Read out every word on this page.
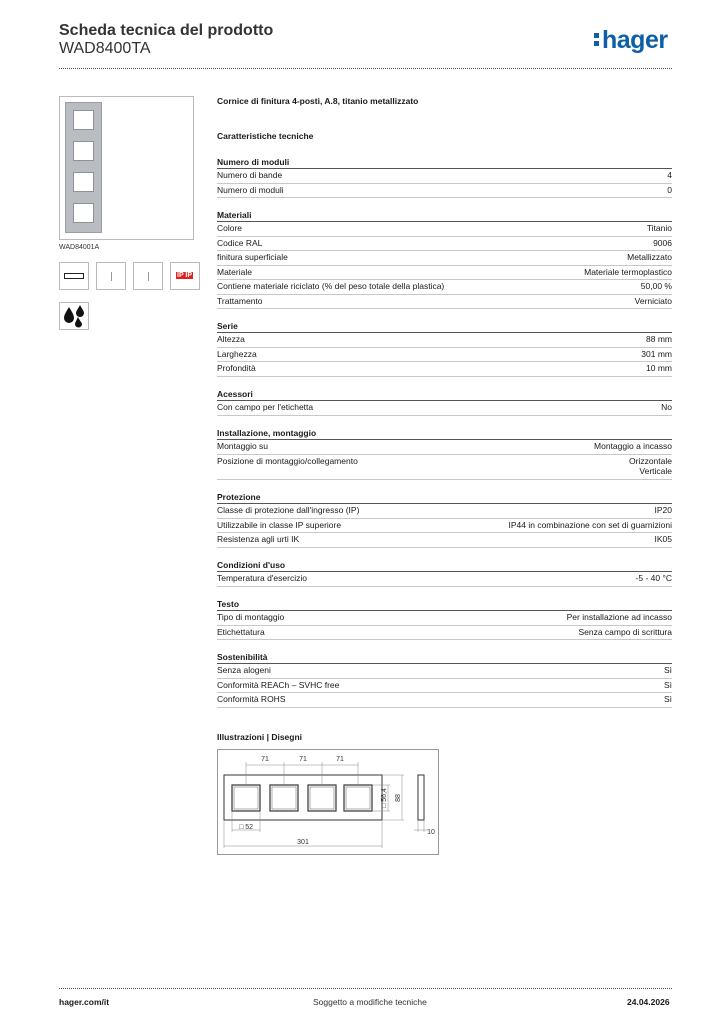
Scheda tecnica del prodotto
WAD8400TA	hager
WAD84001A
IP IP
Cornice di finitura 4-posti, A.8, titanio metallizzato
Caratteristiche tecniche
Numero di moduli
Numero di bande	4
Numero di moduli	0
Materiali
Colore	Titanio
Codice RAL	9006
finitura superficiale	Metallizzato
Materiale	Materiale termoplastico
Contiene materiale riciclato (% del peso totale della plastica)	50,00 %
Trattamento	Verniciato
Serie
Altezza	88 mm
Larghezza	301 mm
Profondità	10 mm
Acessori
Con campo per l'etichetta	No
Installazione, montaggio
Montaggio su	Montaggio a incasso
Posizione di montaggio/collegamento	Orizzontale
Verticale
Protezione
Classe di protezione dall'ingresso (IP)	IP20
Utilizzabile in classe IP superiore	IP44 in combinazione con set di guarnizioni
Resistenza agli urti IK	IK05
Condizioni d'uso
Temperatura d'esercizio	-5 - 40 °C
Testo
Tipo di montaggio	Per installazione ad incasso
Etichettatura	Senza campo di scrittura
Sostenibilità
Senza alogeni	Sì
Conformità REACh – SVHC free	Sì
Conformità ROHS	Sì
Illustrazioni | Disegni
71	71	71
□ 56,4 88
□ 52
301
10
hager.com/it	Soggetto a modifiche tecniche	24.04.2026
